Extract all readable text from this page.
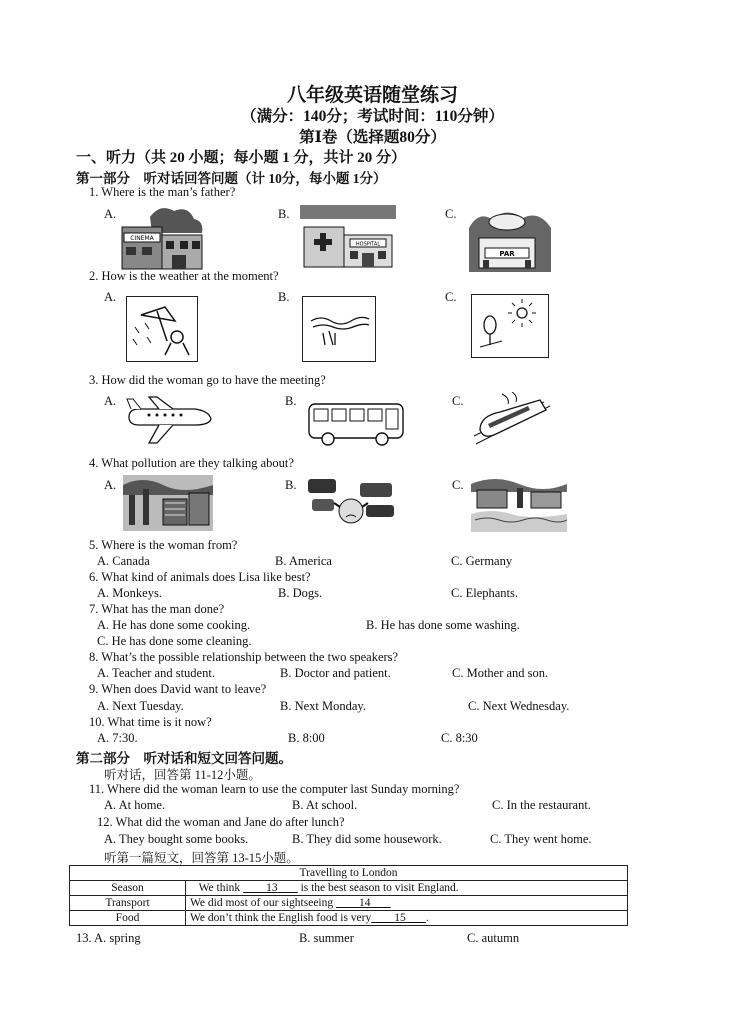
八年级英语随堂练习
（满分：140分；考试时间：110分钟）
第Ⅰ卷（选择题80分）
一、听力（共 20 小题；每小题 1 分，共计 20 分）
第一部分　听对话回答问题（计 10分，每小题 1分）
1. Where is the man’s father?
A.	B.	C.
CINEMA
HOSPITAL
PAR
2. How is the weather at the moment?
A.	B.	C.
3. How did the woman go to have the meeting?
A.	B.	C.
4. What pollution are they talking about?
A.	B.	C.
5. Where is the woman from?
A. Canada	B. America	C. Germany
6. What kind of animals does Lisa like best?
A. Monkeys.	B. Dogs.	C. Elephants.
7. What has the man done?
A. He has done some cooking.	B. He has done some washing.
C. He has done some cleaning.
8. What’s the possible relationship between the two speakers?
A. Teacher and student.	B. Doctor and patient.	C. Mother and son.
9. When does David want to leave?
A. Next Tuesday.	B. Next Monday.	C. Next Wednesday.
10. What time is it now?
A. 7:30.	B. 8:00	C. 8:30
第二部分　听对话和短文回答问题。
听对话，回答第 11-12小题。
11. Where did the woman learn to use the computer last Sunday morning?
A. At home.	B. At school.	C. In the restaurant.
12. What did the woman and Jane do after lunch?
A. They bought some books.	B. They did some housework.	C. They went home.
听第一篇短文，回答第 13-15小题。
Travelling to London	
Season	We think         13        is the best season to visit England.
Transport	We did most of our sightseeing         14
Food	We don’t think the English food is very 15 .
13. A. spring	B. summer	C. autumn
